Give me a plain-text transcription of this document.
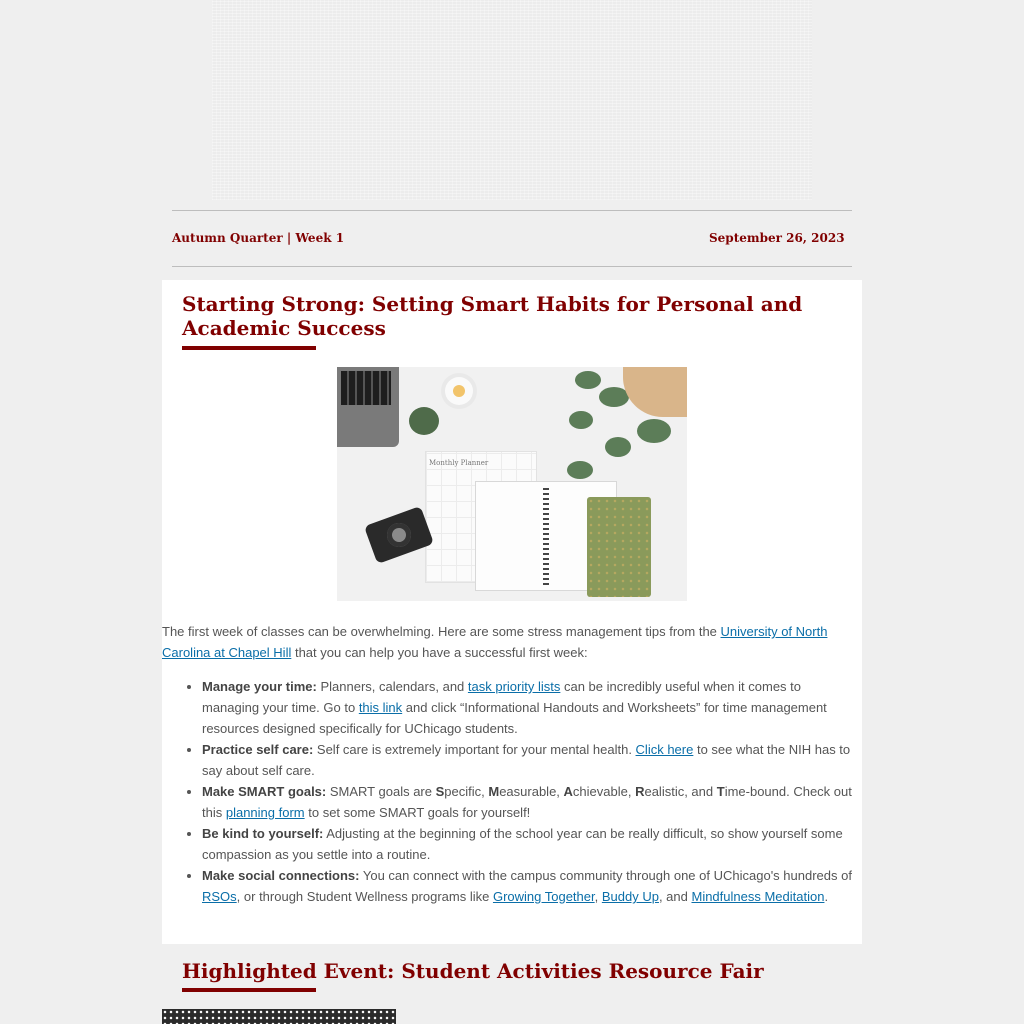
Autumn Quarter | Week 1	September 26, 2023
Starting Strong: Setting Smart Habits for Personal and Academic Success
Monthly Planner

The first week of classes can be overwhelming. Here are some stress management tips from the University of North Carolina at Chapel Hill that you can help you have a successful first week:

• Manage your time: Planners, calendars, and task priority lists can be incredibly useful when it comes to managing your time. Go to this link and click “Informational Handouts and Worksheets” for time management resources designed specifically for UChicago students.
• Practice self care: Self care is extremely important for your mental health. Click here to see what the NIH has to say about self care.
• Make SMART goals: SMART goals are Specific, Measurable, Achievable, Realistic, and Time-bound. Check out this planning form to set some SMART goals for yourself!
• Be kind to yourself: Adjusting at the beginning of the school year can be really difficult, so show yourself some compassion as you settle into a routine.
• Make social connections: You can connect with the campus community through one of UChicago's hundreds of RSOs, or through Student Wellness programs like Growing Together, Buddy Up, and Mindfulness Meditation.
Highlighted Event: Student Activities Resource Fair
